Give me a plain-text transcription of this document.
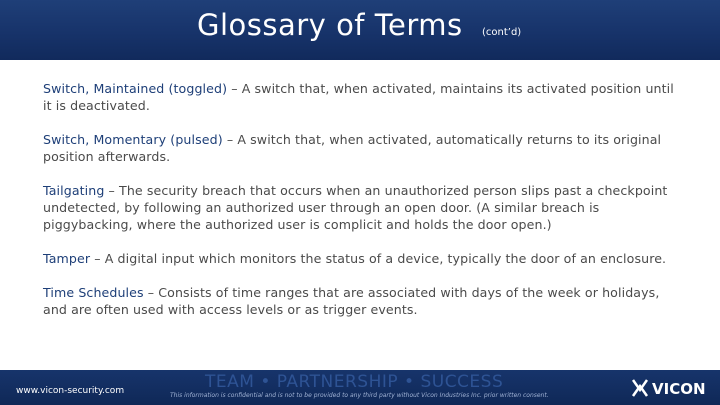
Glossary of Terms (cont’d)

Switch, Maintained (toggled) – A switch that, when activated, maintains its activated position until it is deactivated.

Switch, Momentary (pulsed) – A switch that, when activated, automatically returns to its original position afterwards.

Tailgating – The security breach that occurs when an unauthorized person slips past a checkpoint undetected, by following an authorized user through an open door. (A similar breach is piggybacking, where the authorized user is complicit and holds the door open.)

Tamper – A digital input which monitors the status of a device, typically the door of an enclosure.

Time Schedules – Consists of time ranges that are associated with days of the week or holidays, and are often used with access levels or as trigger events.

www.vicon-security.com	TEAM • PARTNERSHIP • SUCCESS
This information is confidential and is not to be provided to any third party without Vicon Industries Inc. prior written consent.	VICON
